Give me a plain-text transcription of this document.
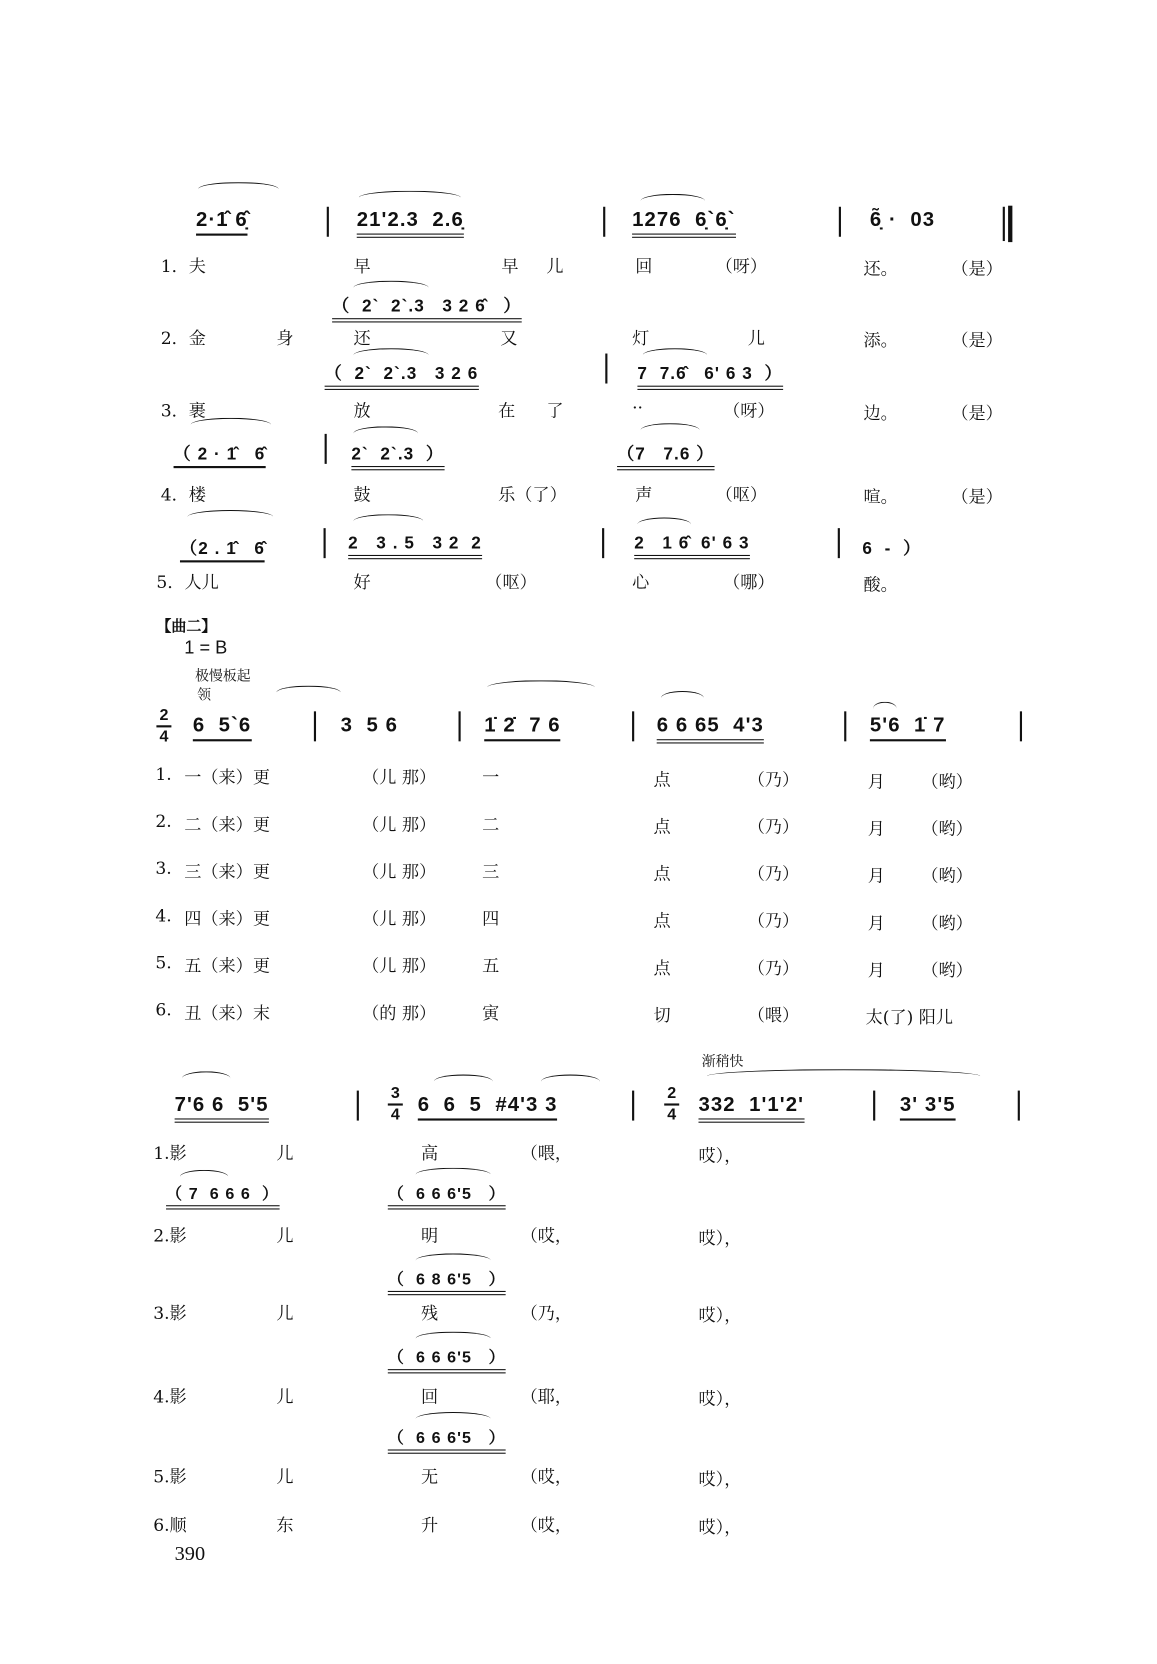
2·1̂ 6̣̂	21'2.3  2.6̣	1276  6̣`6̣`	6̣̃ ·  03
1．夫	早	早 儿	回	（呀）	还。	（是）
（  2`  2`.3   3 2 6̂   ）
2．金	身	还	又	灯	儿	添。	（是）
（  2`  2`.3   3 2 6	7  7.6̂   6' 6 3  ）
3．裹	放	在 了	··	（呀）	边。	（是）
（ 2 · 1̂   6̂	2`  2`.3  ）	（7   7.6 ）
4．楼	鼓	乐（了）	声	（呕）	喧。	（是）
（2 . 1̂   6̂	2   3 . 5   3 2  2	2   1 6̂  6' 6 3	6  -  ）
5．人儿	好	（呕）	心	（哪）	酸。
【曲二】
1 = B
极慢板起
领
2
4 6  5`6	3  5 6	1̇ 2̇  7 6	6 6 65  4'3	5'6  1̇ 7
1. 一（来）更	（儿 那）	一	点	（乃）	月 （哟）
2. 二（来）更	（儿 那）	二	点	（乃）	月 （哟）
3. 三（来）更	（儿 那）	三	点	（乃）	月 （哟）
4. 四（来）更	（儿 那）	四	点	（乃）	月 （哟）
5. 五（来）更	（儿 那）	五	点	（乃）	月 （哟）
6. 丑（来）末	（的 那）	寅	切	（喂）	太(了) 阳儿
渐稍快
7'6 6  5'5
3
4 6  6  5  #4'3 3
2
4 332  1'1'2'	3' 3'5
1.影	儿	高	（喂，	哎），
（ 7  6 6 6  ）	（  6 6 6'5   ）
2.影	儿	明	（哎，	哎），
（  6 8 6'5   ）
3.影	儿	残	（乃，	哎），
（  6 6 6'5   ）
4.影	儿	回	（耶，	哎），
（  6 6 6'5   ）
5.影	儿	无	（哎，	哎），
6.顺	东	升	（哎，	哎），
390
